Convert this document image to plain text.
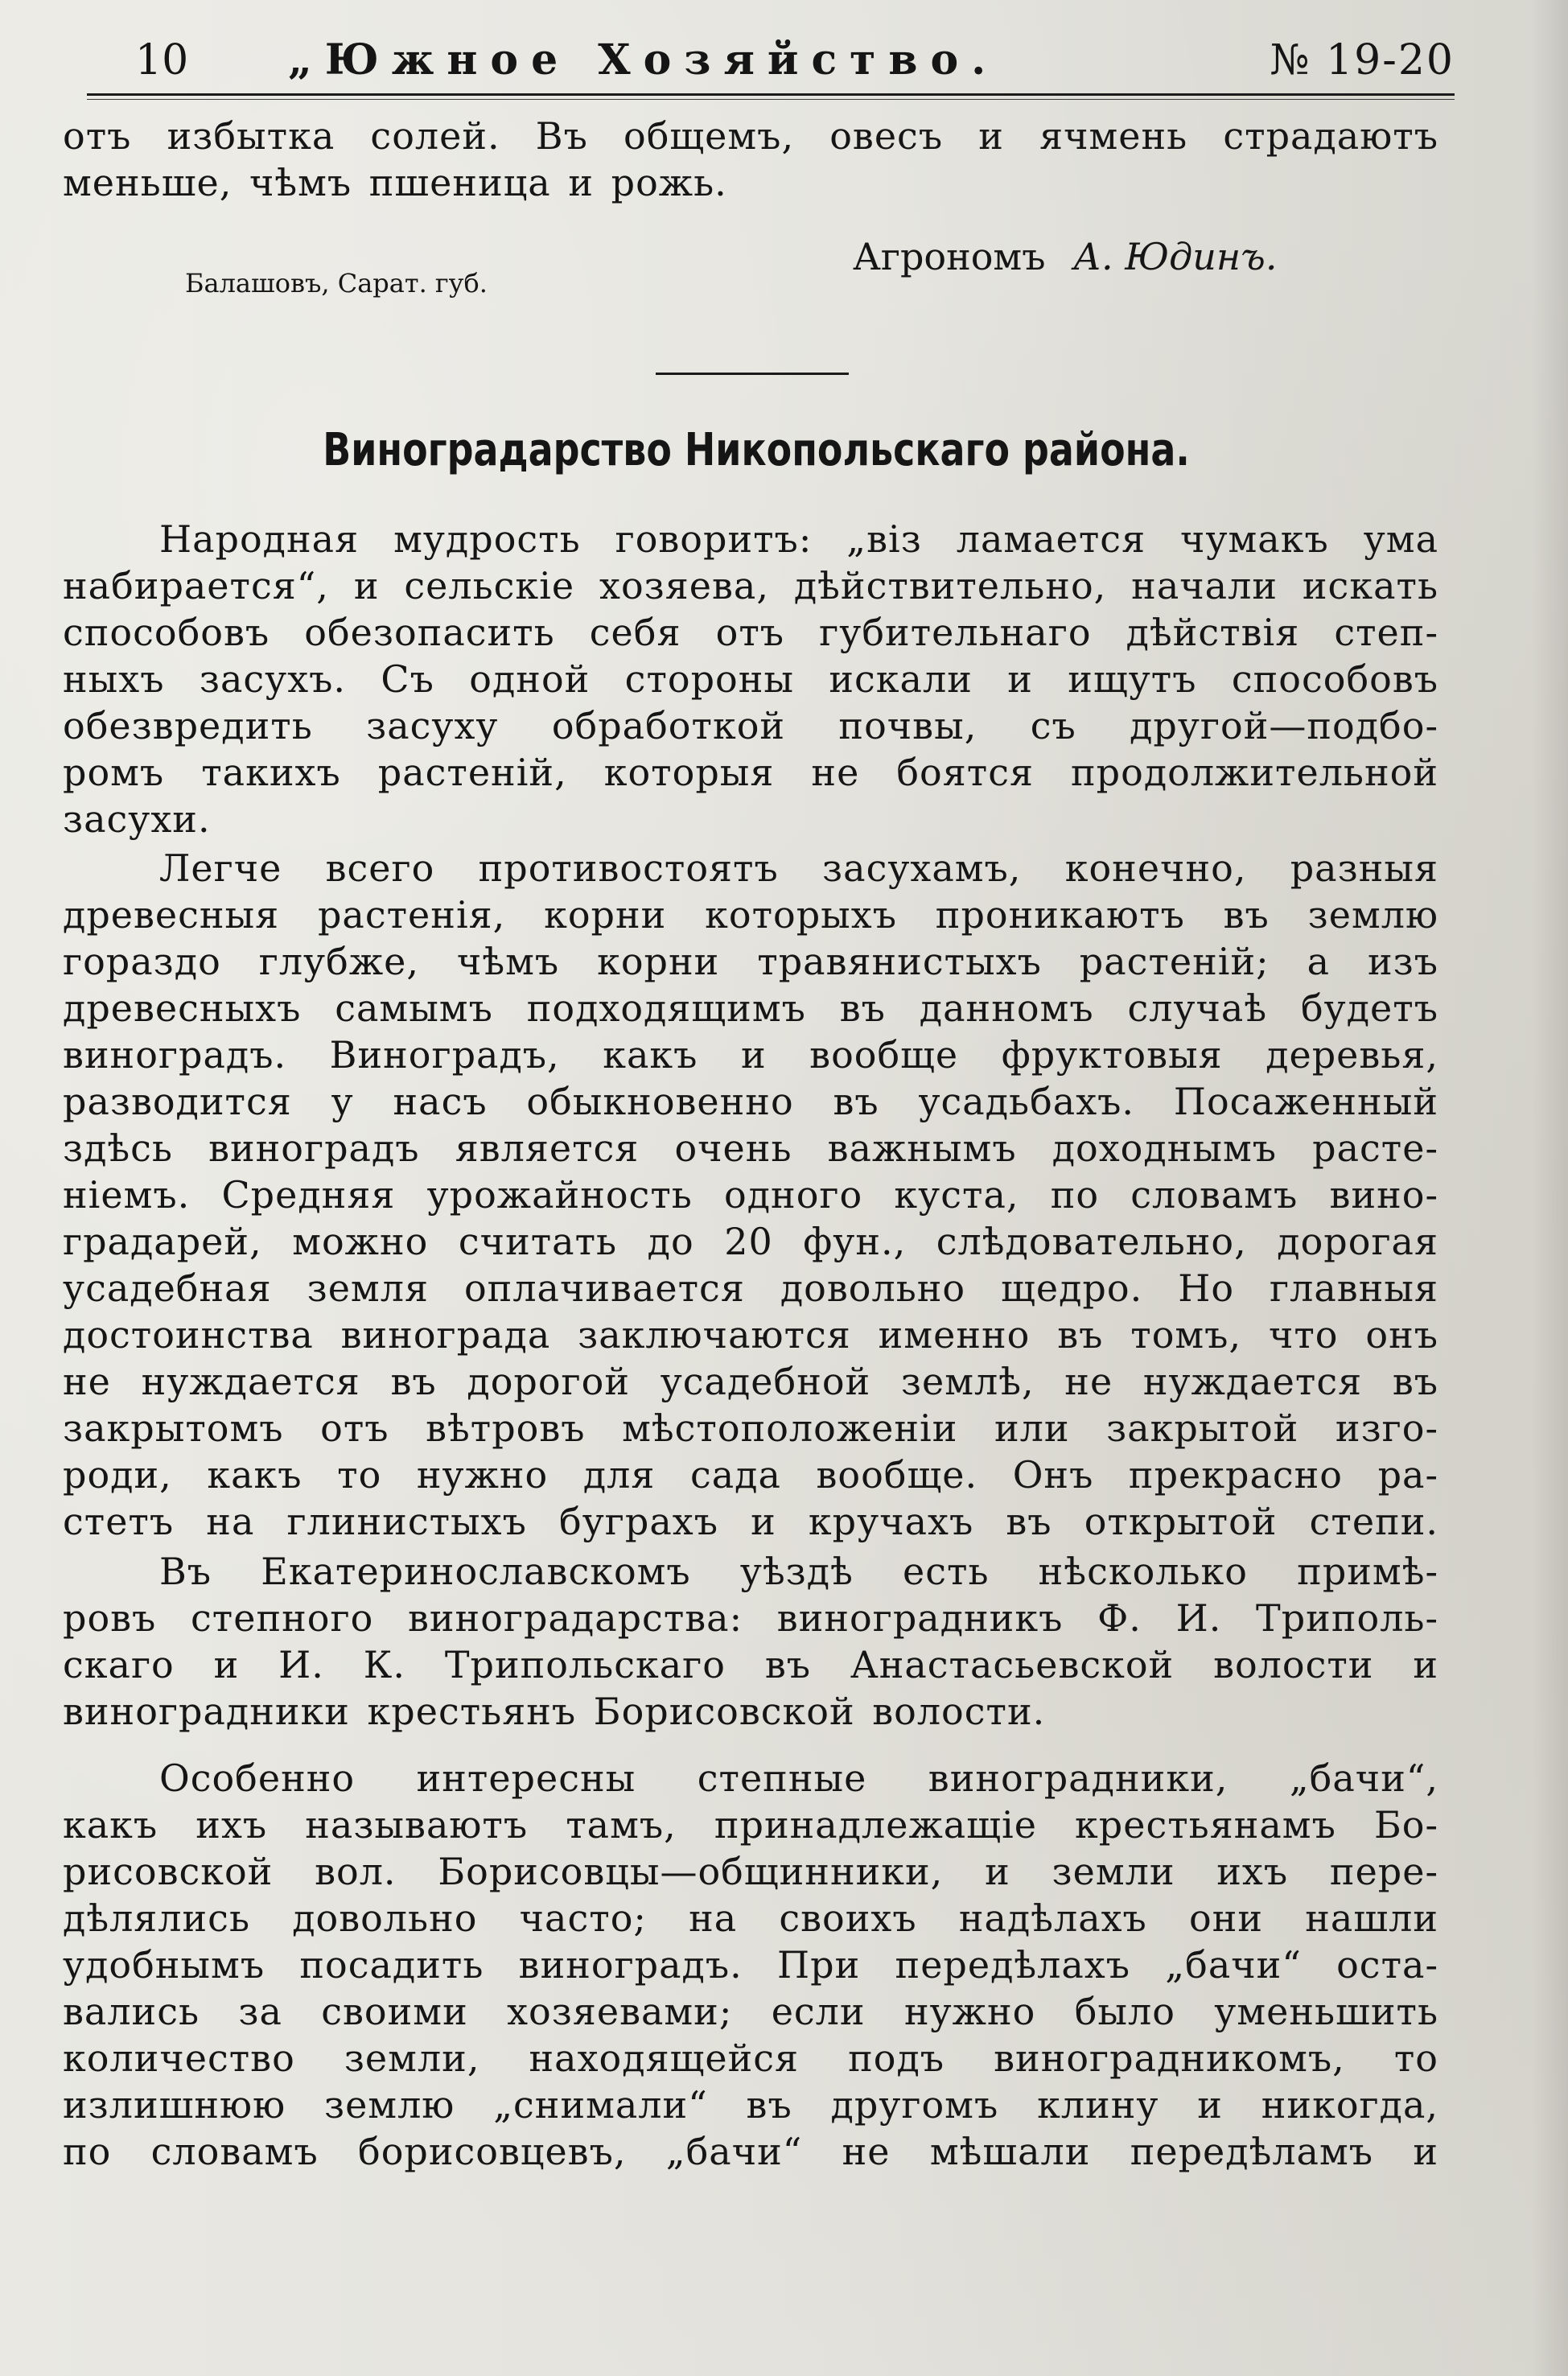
10 „Южное Хозяйство.	№ 19-20
отъ избытка солей. Въ общемъ, овесъ и ячмень страдаютъ
меньше, чѣмъ пшеница и рожь.
Агрономъ А. Юдинъ.
Балашовъ, Сарат. губ.
Виноградарство Никопольскаго района.
Народная мудрость говоритъ: „віз ламается чумакъ ума
набирается“, и сельскіе хозяева, дѣйствительно, начали искать
способовъ обезопасить себя отъ губительнаго дѣйствія степ-
ныхъ засухъ. Съ одной стороны искали и ищутъ способовъ
обезвредить засуху обработкой почвы, съ другой—подбо-
ромъ такихъ растеній, которыя не боятся продолжительной
засухи.
Легче всего противостоятъ засухамъ, конечно, разныя
древесныя растенія, корни которыхъ проникаютъ въ землю
гораздо глубже, чѣмъ корни травянистыхъ растеній; а изъ
древесныхъ самымъ подходящимъ въ данномъ случаѣ будетъ
виноградъ. Виноградъ, какъ и вообще фруктовыя деревья,
разводится у насъ обыкновенно въ усадьбахъ. Посаженный
здѣсь виноградъ является очень важнымъ доходнымъ расте-
ніемъ. Средняя урожайность одного куста, по словамъ вино-
градарей, можно считать до 20 фун., слѣдовательно, дорогая
усадебная земля оплачивается довольно щедро. Но главныя
достоинства винограда заключаются именно въ томъ, что онъ
не нуждается въ дорогой усадебной землѣ, не нуждается въ
закрытомъ отъ вѣтровъ мѣстоположеніи или закрытой изго-
роди, какъ то нужно для сада вообще. Онъ прекрасно ра-
стетъ на глинистыхъ буграхъ и кручахъ въ открытой степи.
Въ Екатеринославскомъ уѣздѣ есть нѣсколько примѣ-
ровъ степного виноградарства: виноградникъ Ф. И. Триполь-
скаго и И. К. Трипольскаго въ Анастасьевской волости и
виноградники крестьянъ Борисовской волости.
Особенно интересны степные виноградники, „бачи“,
какъ ихъ называютъ тамъ, принадлежащіе крестьянамъ Бо-
рисовской вол. Борисовцы—общинники, и земли ихъ пере-
дѣлялись довольно часто; на своихъ надѣлахъ они нашли
удобнымъ посадить виноградъ. При передѣлахъ „бачи“ оста-
вались за своими хозяевами; если нужно было уменьшить
количество земли, находящейся подъ виноградникомъ, то
излишнюю землю „снимали“ въ другомъ клину и никогда,
по словамъ борисовцевъ, „бачи“ не мѣшали передѣламъ и
